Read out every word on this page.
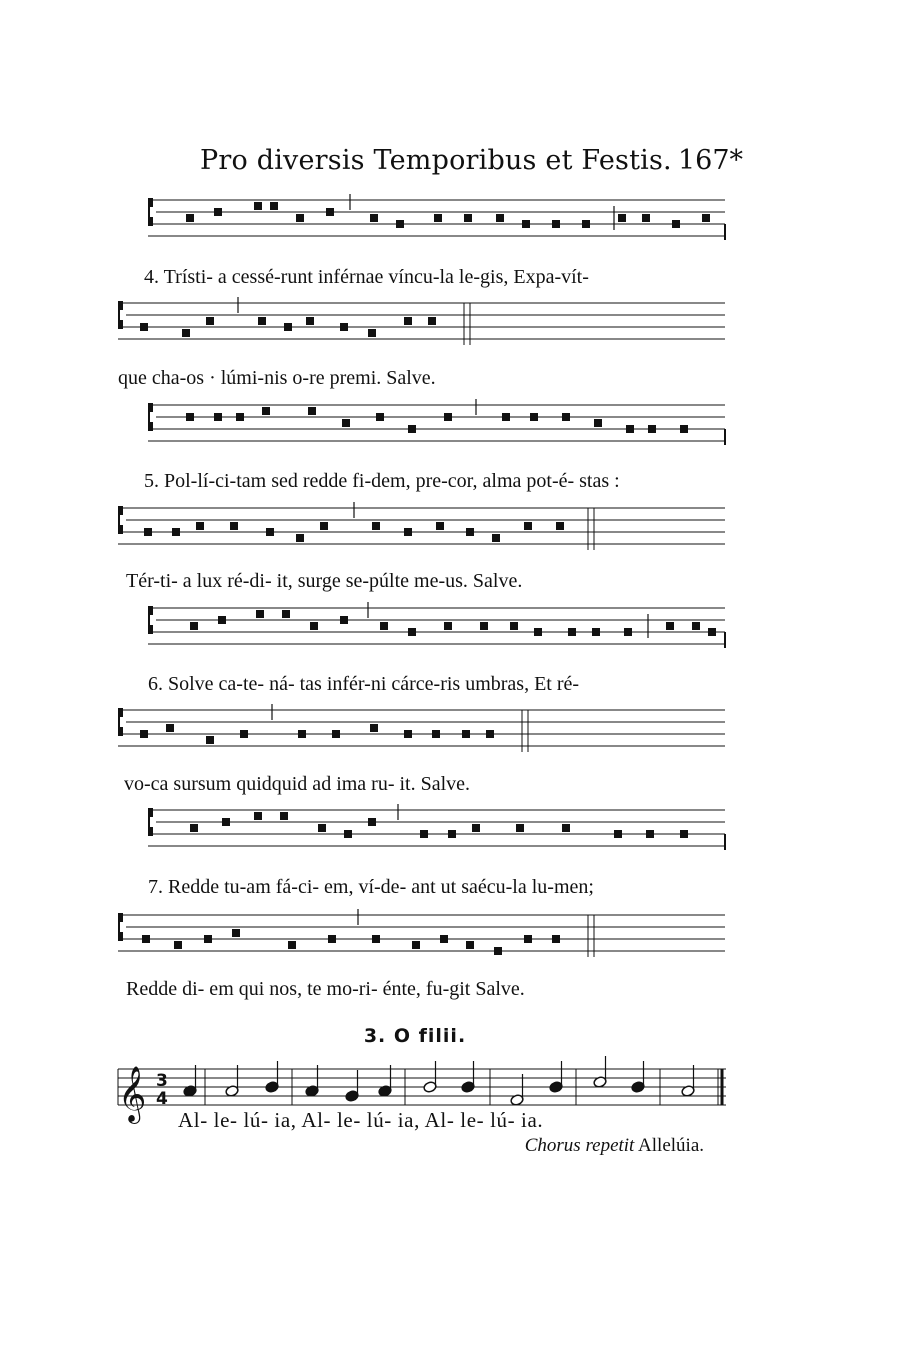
Pro diversis Temporibus et Festis. 167*
4. Trísti- a cessé-runt inférnae víncu-la le-gis, Expa-vít-
que cha-os · lúmi-nis o-re premi. Salve.
5. Pol-lí-ci-tam sed redde fi-dem, pre-cor, alma pot-é- stas :
Tér-ti- a lux ré-di- it, surge se-púlte me-us. Salve.
6. Solve ca-te- ná- tas infér-ni cárce-ris umbras, Et ré-
vo-ca sursum quidquid ad ima ru- it. Salve.
7. Redde tu-am fá-ci- em, ví-de- ant ut saécu-la lu-men;
Redde di- em qui nos, te mo-ri- énte, fu-git Salve.
3. O filii.
𝄞 3
4
Al- le- lú- ia, Al- le- lú- ia, Al- le- lú- ia.
Chorus repetit Allelúia.
